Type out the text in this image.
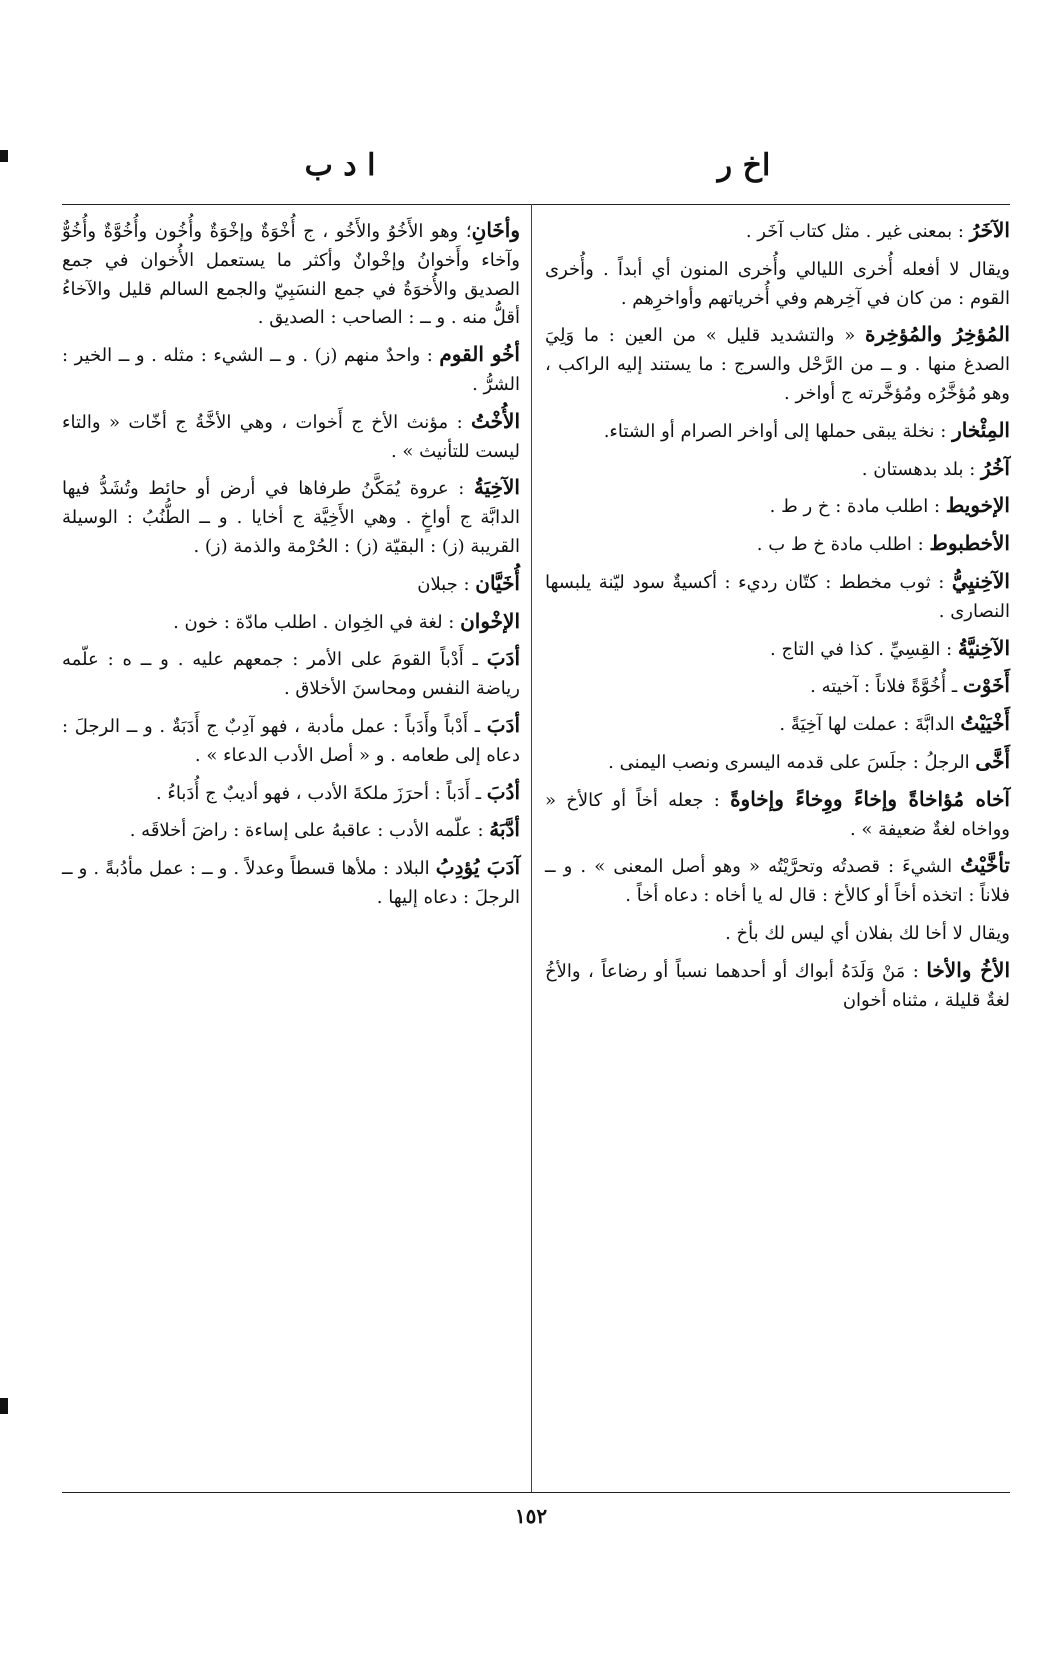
اخ ر
ا د ب

الآخَرُ : بمعنى غير . مثل كتاب آخَر .

ويقال لا أفعله أُخرى الليالي وأُخرى المنون أي أبداً . وأُخرى القوم : من كان في آخِرهم وفي أُخرياتهم وأواخرِهم .

المُؤخِرُ والمُؤخِرة « والتشديد قليل » من العين : ما وَلِيَ الصدغ منها . و ــ من الرَّحْل والسرج : ما يستند إليه الراكب ، وهو مُؤخَّرُه ومُؤخَّرته ج أواخر .

المِئْخار : نخلة يبقى حملها إلى أواخر الصرام أو الشتاء.

آخُرُ : بلد بدهستان .

الإخويط : اطلب مادة : خ ر ط .

الأخطبوط : اطلب مادة خ ط ب .

الآخِنيِيُّ : ثوب مخطط : كتّان رديء : أكسيةٌ سود ليّنة يلبسها النصارى .

الآخِنيَّةُ : القِسِيِّ . كذا في التاج .

أَخَوْت ـ أُخُوَّةً فلاناً : آخيته .

أَخْيَيْتُ الدابَّةَ : عملت لها آخِيَةً .

أَخَّى الرجلُ : جلَسَ على قدمه اليسرى ونصب اليمنى .

آخاه مُؤاخاةً وإخاءً ووِخاءً وإخاوةً : جعله أخاً أو كالأخ « وواخاه لغةٌ ضعيفة » .

تأخَّيْتُ الشيءَ : قصدتُه وتحرَّيْتُه « وهو أصل المعنى » . و ــ فلاناً : اتخذه أخاً أو كالأخ : قال له يا أخاه : دعاه أخاً .

ويقال لا أخا لك بفلان أي ليس لك بأخ .

الأخُ والأخا : مَنْ وَلَدَهُ أبواك أو أحدهما نسباً أو رضاعاً ، والأخُ لغةٌ قليلة ، مثناه أخوان

وأخَانِ؛ وهو الأَخُوُ والأَخُو ، ج أُخْوَةٌ وإخْوَةٌ وأُخُون وأُخُوَّةٌ وأُخُوٌّ وآخاء وأَخوانُ وإخْوانٌ وأكثر ما يستعمل الأُخوان في جمع الصديق والأُخوَةُ في جمع النسَبِيّ والجمع السالم قليل والآخاءُ أقلُّ منه . و ــ : الصاحب : الصديق .

أخُو القوم : واحدٌ منهم (ز) . و ــ الشيء : مثله . و ــ الخير : الشرُّ .

الأُخْتُ : مؤنث الأخ ج أَخوات ، وهي الأخَّةُ ج أخّات « والتاء ليست للتأنيث » .

الآخِيَةُ : عروة يُمَكَّنُ طرفاها في أرض أو حائط وتُشَدُّ فيها الدابَّة ج أواخٍ . وهي الأَخِيَّة ج أخايا . و ــ الطُّنُبُ : الوسيلة القريبة (ز) : البقيّة (ز) : الحُرْمة والذمة (ز) .

أُخَيَّان : جبلان

الإخْوان : لغة في الخِوان . اطلب مادّة : خون .

أدَبَ ـ أَدْباً القومَ على الأمر : جمعهم عليه . و ــ ه : علّمه رياضة النفس ومحاسنَ الأخلاق .

أدَبَ ـ أَدْباً وأَدَباً : عمل مأدبة ، فهو آدِبٌ ج أَدَبَةٌ . و ــ الرجلَ : دعاه إلى طعامه . و « أصل الأدب الدعاء » .

أدُبَ ـ أَدَباً : أحرَزَ ملكةَ الأدب ، فهو أديبٌ ج أُدَباءُ .

أدَّبَهُ : علّمه الأدب : عاقبهُ على إساءة : راضَ أخلاقَه .

آدَبَ يُؤدِبُ البلاد : ملأها قسطاً وعدلاً . و ــ : عمل مأدُبةً . و ــ الرجلَ : دعاه إليها .

١٥٢
